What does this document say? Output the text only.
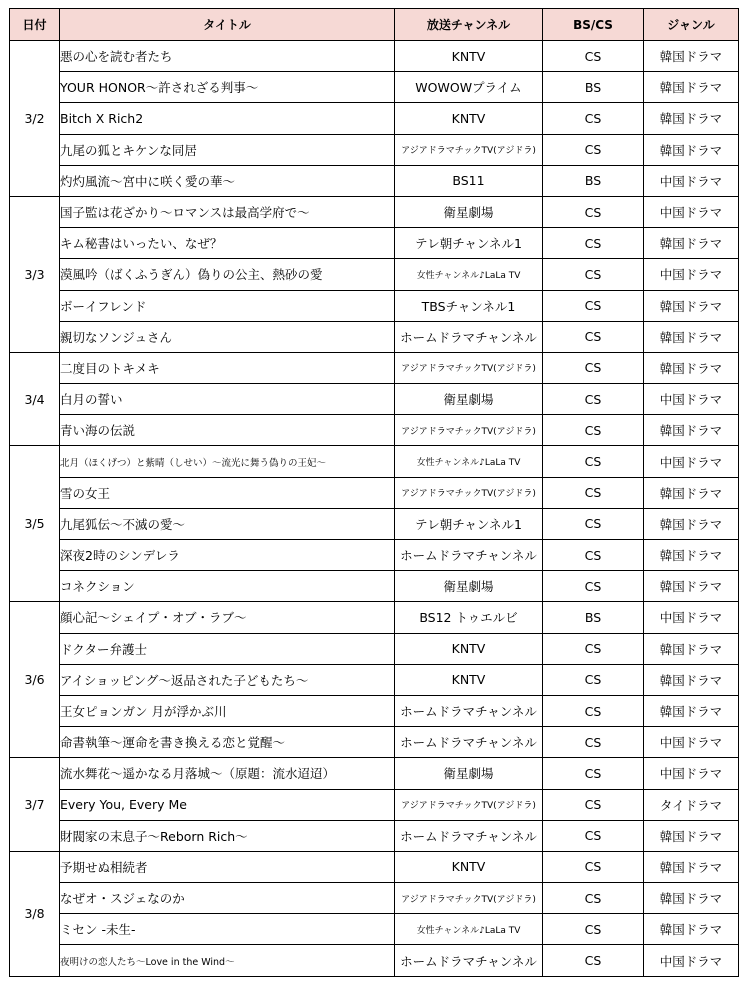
日付	タイトル	放送チャンネル	BS/CS	ジャンル
3/2	悪の心を読む者たち	KNTV	CS	韓国ドラマ
	YOUR HONOR～許されざる判事～	WOWOWプライム	BS	韓国ドラマ
	Bitch X Rich2	KNTV	CS	韓国ドラマ
	九尾の狐とキケンな同居	アジアドラマチックTV(アジドラ)	CS	韓国ドラマ
	灼灼風流～宮中に咲く愛の華～	BS11	BS	中国ドラマ
3/3	国子監は花ざかり～ロマンスは最高学府で～	衛星劇場	CS	中国ドラマ
	キム秘書はいったい、なぜ？	テレ朝チャンネル1	CS	韓国ドラマ
	漠風吟（ばくふうぎん）偽りの公主、熱砂の愛	女性チャンネル♪LaLa TV	CS	中国ドラマ
	ボーイフレンド	TBSチャンネル1	CS	韓国ドラマ
	親切なソンジュさん	ホームドラマチャンネル	CS	韓国ドラマ
3/4	二度目のトキメキ	アジアドラマチックTV(アジドラ)	CS	韓国ドラマ
	白月の誓い	衛星劇場	CS	中国ドラマ
	青い海の伝説	アジアドラマチックTV(アジドラ)	CS	韓国ドラマ
3/5	北月（ほくげつ）と紫晴（しせい）～流光に舞う偽りの王妃～	女性チャンネル♪LaLa TV	CS	中国ドラマ
	雪の女王	アジアドラマチックTV(アジドラ)	CS	韓国ドラマ
	九尾狐伝～不滅の愛～	テレ朝チャンネル1	CS	韓国ドラマ
	深夜2時のシンデレラ	ホームドラマチャンネル	CS	韓国ドラマ
	コネクション	衛星劇場	CS	韓国ドラマ
3/6	顔心記～シェイプ・オブ・ラブ～	BS12 トゥエルビ	BS	中国ドラマ
	ドクター弁護士	KNTV	CS	韓国ドラマ
	アイショッピング～返品された子どもたち～	KNTV	CS	韓国ドラマ
	王女ピョンガン 月が浮かぶ川	ホームドラマチャンネル	CS	韓国ドラマ
	命書執筆～運命を書き換える恋と覚醒～	ホームドラマチャンネル	CS	中国ドラマ
3/7	流水舞花～遥かなる月落城～（原題：流水迢迢）	衛星劇場	CS	中国ドラマ
	Every You, Every Me	アジアドラマチックTV(アジドラ)	CS	タイドラマ
	財閥家の末息子～Reborn Rich～	ホームドラマチャンネル	CS	韓国ドラマ
3/8	予期せぬ相続者	KNTV	CS	韓国ドラマ
	なぜオ・スジェなのか	アジアドラマチックTV(アジドラ)	CS	韓国ドラマ
	ミセン -未生-	女性チャンネル♪LaLa TV	CS	韓国ドラマ
	夜明けの恋人たち～Love in the Wind～	ホームドラマチャンネル	CS	中国ドラマ
